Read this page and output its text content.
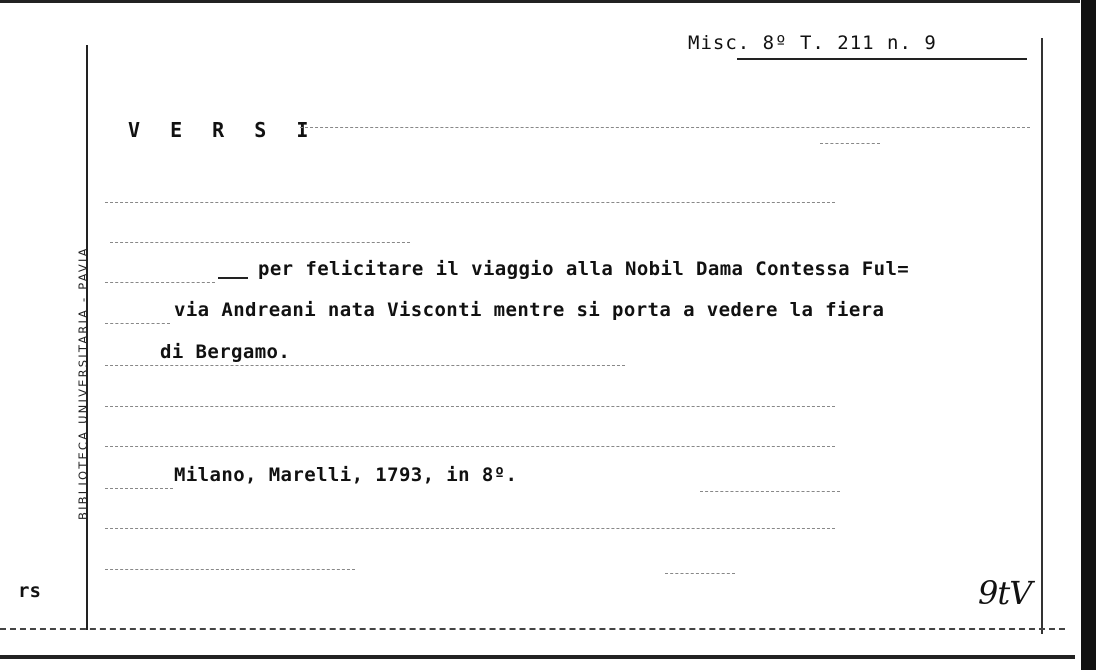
BIBLIOTECA UNIVERSITARIA - PAVIA
Misc. 8º T. 211 n. 9
V E R S I
per felicitare il viaggio alla Nobil Dama Contessa Ful=
via Andreani nata Visconti mentre si porta a vedere la fiera
di Bergamo.
Milano, Marelli, 1793, in 8º.
rs	9tV
